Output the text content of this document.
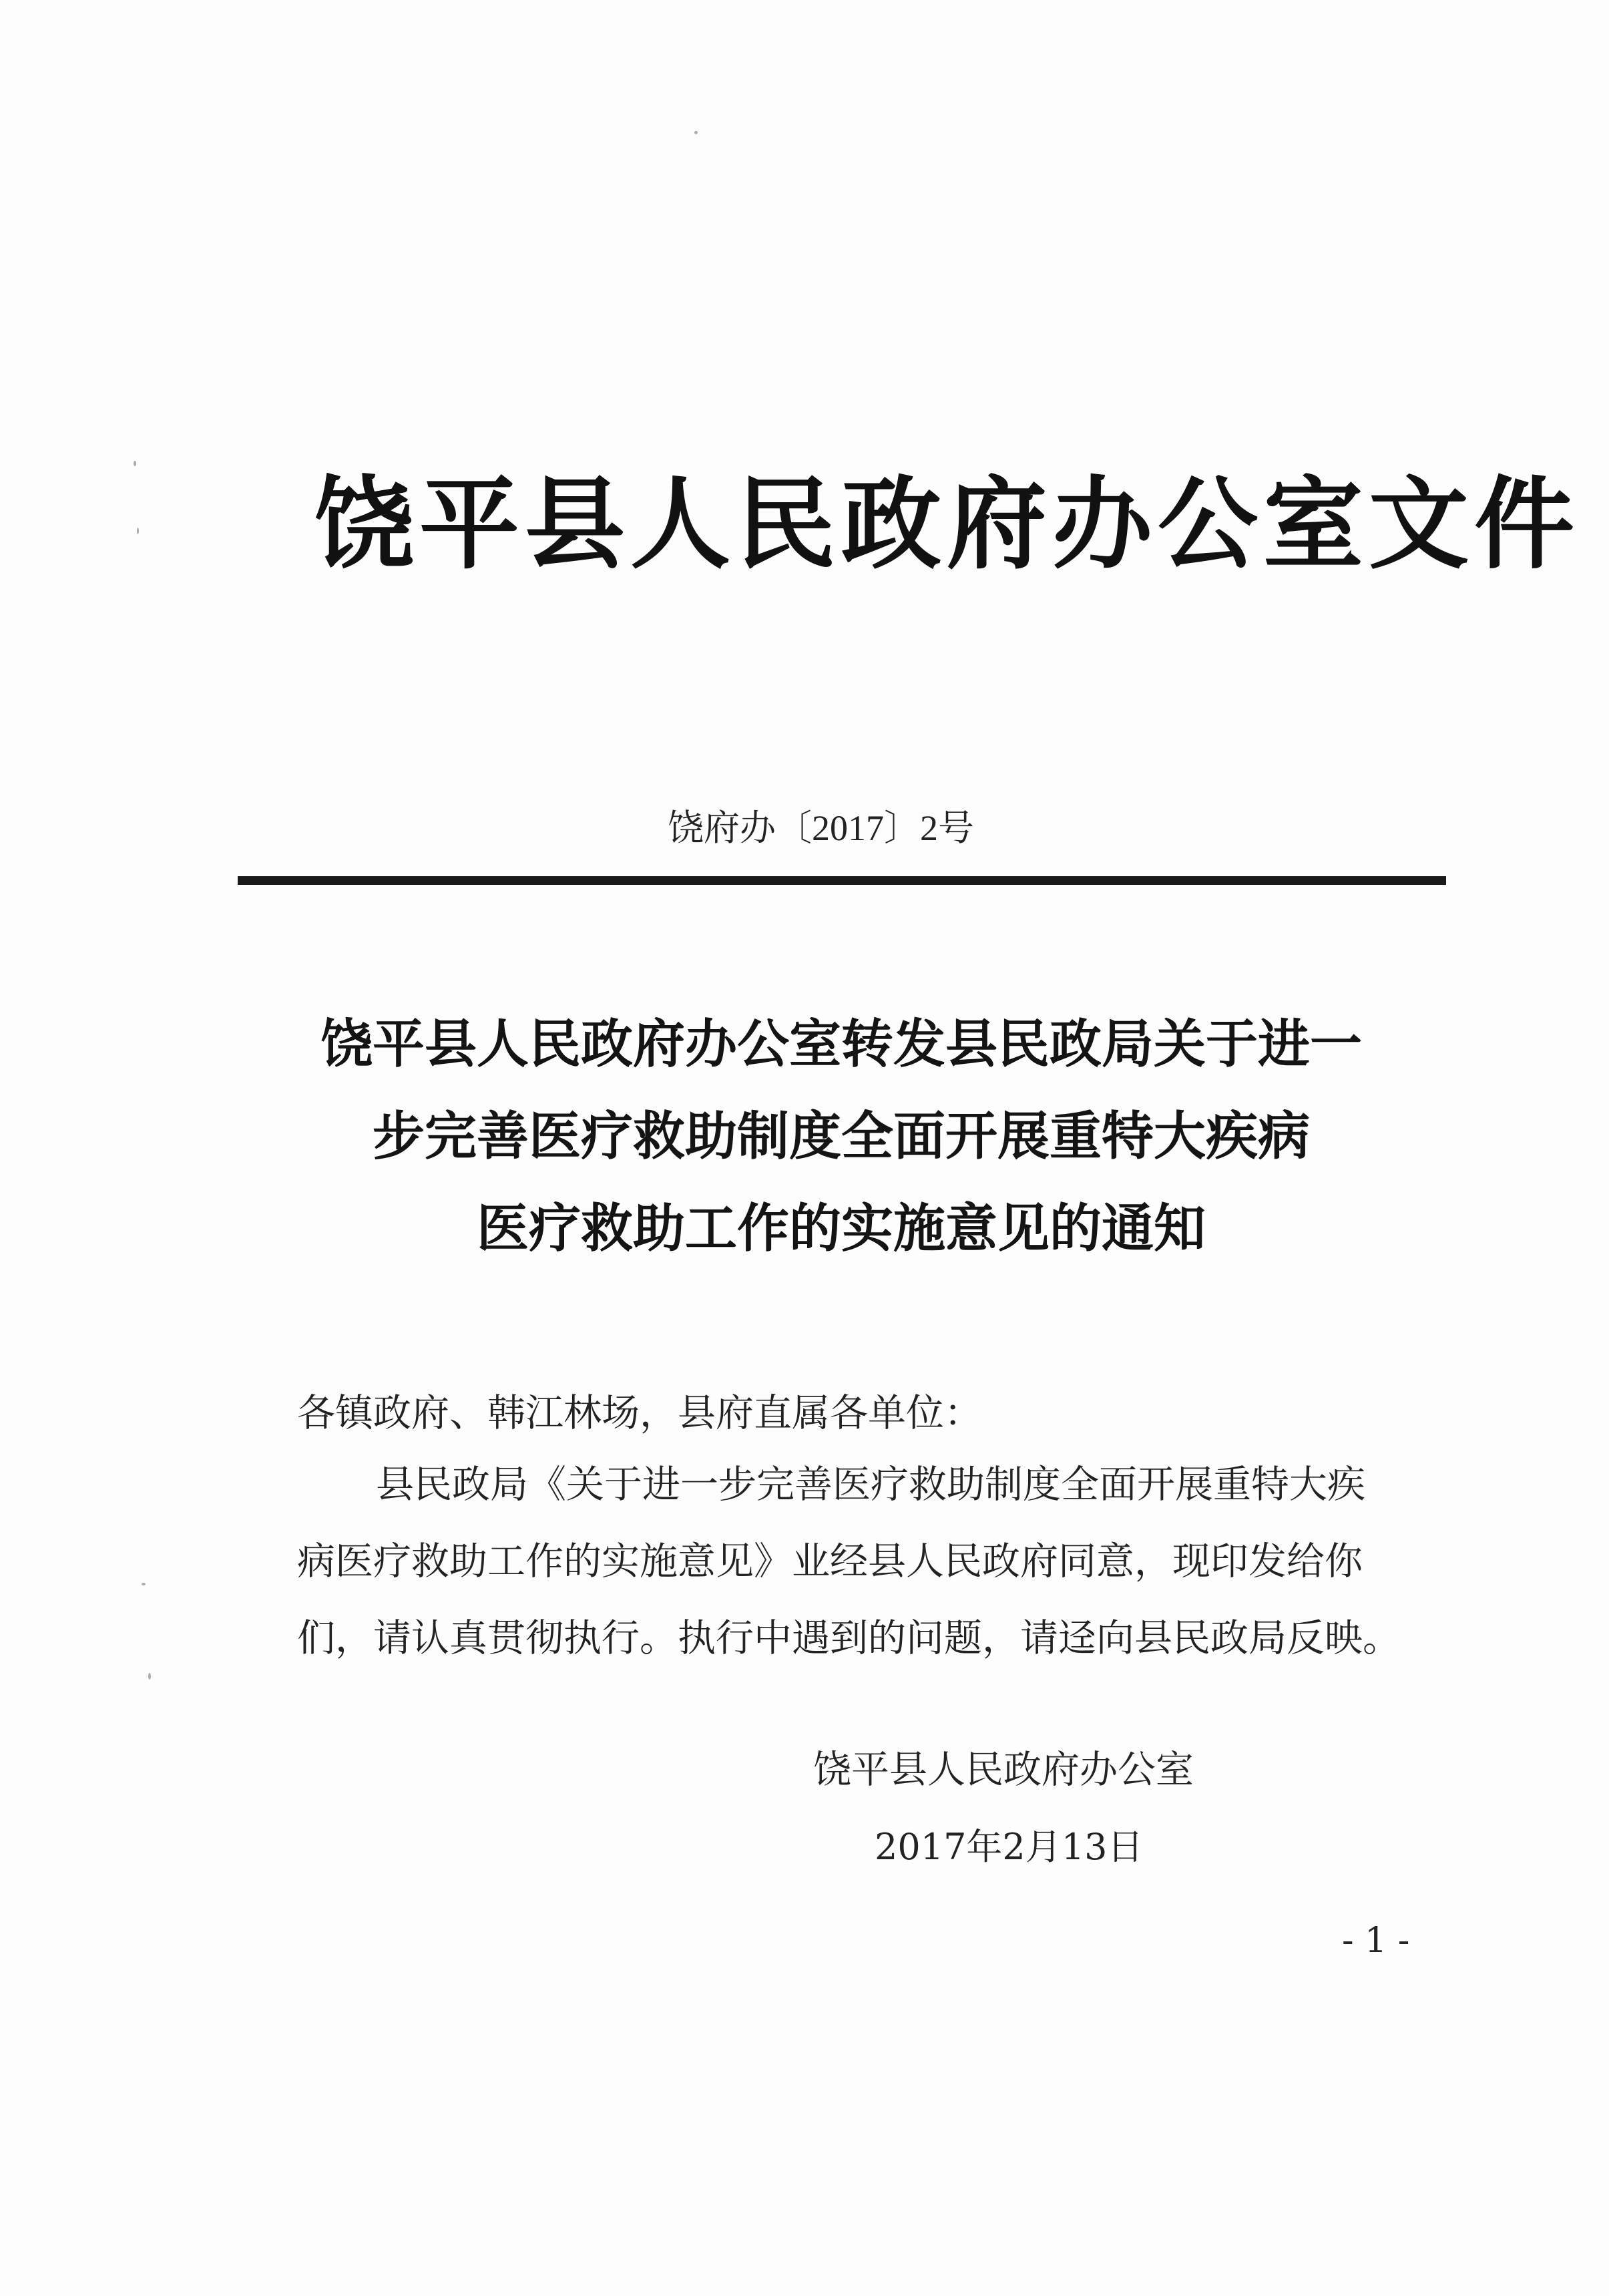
饶平县人民政府办公室文件
饶府办〔2017〕2号
饶平县人民政府办公室转发县民政局关于进一
步完善医疗救助制度全面开展重特大疾病
医疗救助工作的实施意见的通知
各镇政府、韩江林场，县府直属各单位：
县民政局《关于进一步完善医疗救助制度全面开展重特大疾
病医疗救助工作的实施意见》业经县人民政府同意，现印发给你
们，请认真贯彻执行。执行中遇到的问题，请迳向县民政局反映。
饶平县人民政府办公室
2017年2月13日
- 1 -
